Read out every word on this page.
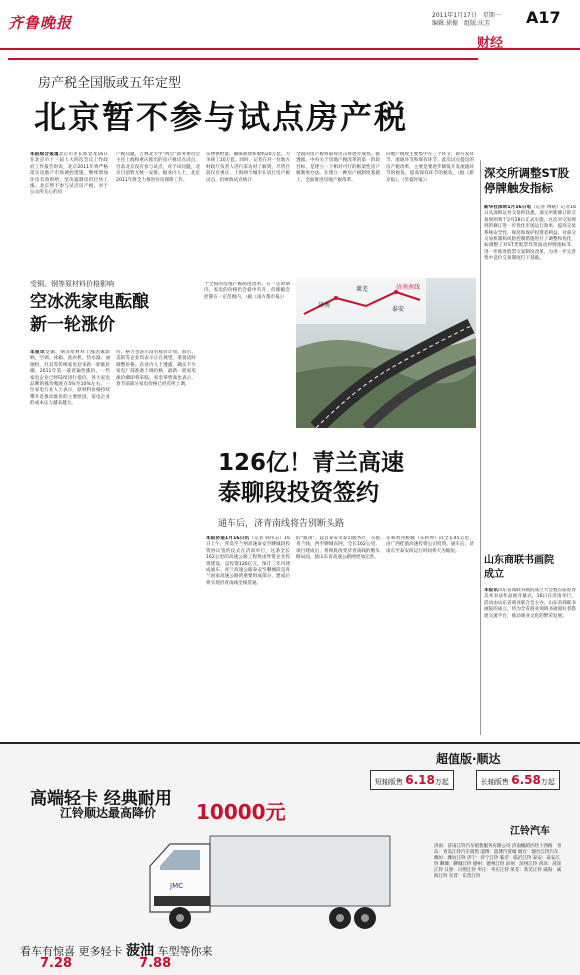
齐鲁晚报	2011年1月17日　星期一
编辑:徐振　组版:庆芳
财经
A17
房产税全国版或五年定型
北京暂不参与试点房产税
本报综合报道北京市市长郭金龙16日在北京市十三届人大四次会议上作政府工作报告时说，北京2011年将严格落实房地产市场调控措施，继续增加住房有效供给，坚决遏制房价过快上涨。北京暂不参与试点房产税，对于公众所关心的房
产税问题，吉林北大学“两会”政务委员会主任上海和重庆推出的房产税试点试点，目前北京没有参与试点，对于该问题，北京目前暂无统一安排。据业内人士，北京2011年将全力推进住房保障工作。
实物供给量，确保新建和收购20万套，力争竣工10万套。同时，记者在对一位地方财政厅负责人进行采访时了解到，尽管目前仅有重庆、上海两个城市在试行房产税试点，但财政试点统计
全国的房产税将取得出击将逐步成熟。据透露，中央关于房地产税改革的第一阶段目标，是建立一个相对可行的框架性房产税制度办法，在建立一种房产税制度基础上，全面推进房地产税改革。
向地产税收主要集中在三个环节，即开发环节、流通环节和保有环节。此次试点提出的房产税改革，主要是要逐步降低开发流通环节的税负，提高保有环节的税负。（据《新京报》、《华夏时报》）
深交所调整ST股停牌触发指标
新华社深圳1月16日电（记者 傅晓）记者16日从深圳证券交易所获悉，深交所新修订的交易规则将于2月28日正式实施，这次对交易规则的修订进一步优化市场运行效率，提高交易系统安全性，规范和保护投资者利益。对部分交易机制和风险控制措施进行了调整和优化，如调整了对ST类股票异常波动停牌指标等，进一步推进股票交易制度改革，为进一步完善集中竞价交易制度打下基础。
受铜、钢等原材料价格影响
空冰洗家电酝酿
新一轮涨价
本报讯受铜、钢等原材料上涨因素影响，空调、冰箱、洗衣机、热水器、油烟机、灶具等传统家电迎来新一轮涨价潮。2011年第一波普遍性涨价，一些家电企业已经陆续进行提价，各大家电品牌的涨价幅度在5%至10%左右。一位家电行业人士表示，原材料价格持续攀升是推动涨价的主要原因，家电企业的成本压力越来越大。
价，格力也表示没有涨价计划，海尔、美的等企业均表示正在观望，准备适时调整价格。有业内人士透露，确实不少家电厂商准备上调价格，最新一轮家电涨价潮即将来临。家电零售商也表示，春节前部分家电价格已经有所上调。
于全国的房地产税制度改革，在一定时期内，家电的价格仍会稳中有升，但涨幅会控制在一定范围内。（据《南方都市报》）
济南
泰安
莱芜	济南南线
126亿！青兰高速
泰聊段投资签约
通车后，济青南线将告别断头路
本报济南1月16日讯（记者 韩伟志）16日上午，青岛至兰州高速泰安至聊城段投资协议签约仪式在济南举行，这条全长162公里的高速公路工程将由外资企业投资建设，总投资126亿元，预计三年内建成通车。青兰高速公路泰安至聊城段是青兰国家高速公路的重要组成部分，建成后将实现济青南线全线贯通。
的“瓶颈”，起自泰安市泰山服务区，东接青兰线，西至聊城东阿，全长162公里。项目建成后，将彻底改变济青南线的断头路局面，使山东省高速公路网更加完善。
东和黄河桥城（东阿界）段全长45公里，由广西桂旅高速投资公司投资。通车后，济南东至泰安段运行时间将大为缩短。
山东商联书画院
成立
本报讯山东省商联书画院成立大会暨首届迎春美术书法作品展开幕式，16日在济南举行，活动由山东省商业联合会主办。山东省商联书画院的成立，将为全省商业领域书画爱好者搭建交流平台，推动商业文化的繁荣发展。
高端轻卡 经典耐用
江铃顺达最高降价 10000元
超值版·顺达
短轴版售 6.18万起	长轴版售 6.58万起
江铃汽车
JMC
济南：济南江铃汽车销售服务有限公司 济南槐荫区经十西路　青岛：青岛江铃汽车销售 淄博：淄博汽贸城 烟台：烟台江铃汽车 潍坊：潍坊江铃 济宁：济宁江铃 临沂：临沂江铃 泰安：泰安江铃 聊城：聊城江铃 德州：德州江铃 滨州：滨州江铃 菏泽：菏泽江铃 日照：日照江铃 枣庄：枣庄江铃 莱芜：莱芜江铃 威海：威海江铃 东营：东营江铃
看车有惊喜 更多轻卡 菠油 车型等你来
7.28	7.88
